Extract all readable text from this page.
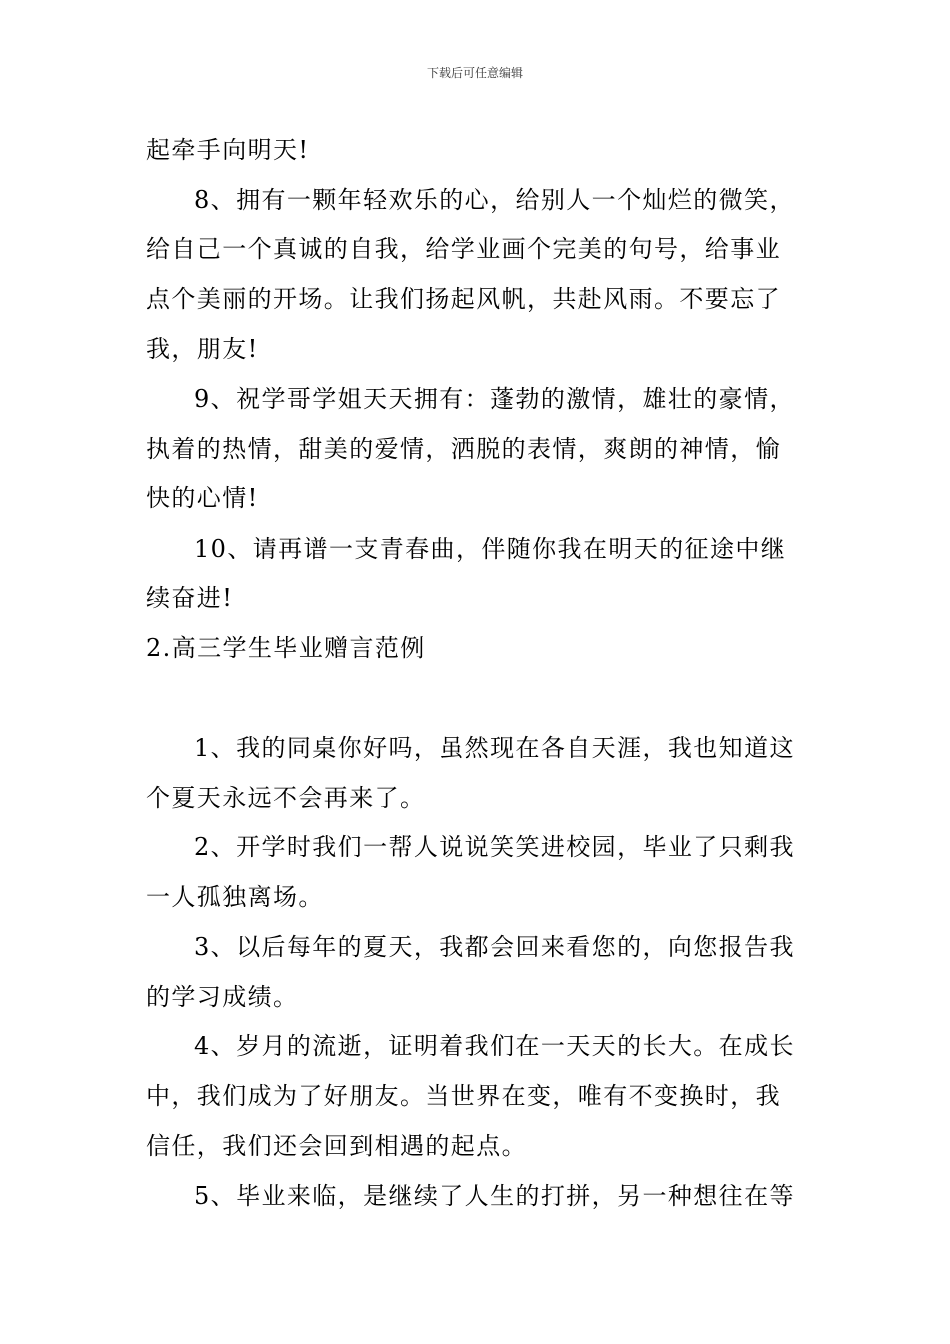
下载后可任意编辑
起牵手向明天!
8、拥有一颗年轻欢乐的心，给别人一个灿烂的微笑，
给自己一个真诚的自我，给学业画个完美的句号，给事业
点个美丽的开场。让我们扬起风帆，共赴风雨。不要忘了
我，朋友!
9、祝学哥学姐天天拥有：蓬勃的激情，雄壮的豪情，
执着的热情，甜美的爱情，洒脱的表情，爽朗的神情，愉
快的心情!
10、请再谱一支青春曲，伴随你我在明天的征途中继
续奋进!
2.高三学生毕业赠言范例
1、我的同桌你好吗，虽然现在各自天涯，我也知道这
个夏天永远不会再来了。
2、开学时我们一帮人说说笑笑进校园，毕业了只剩我
一人孤独离场。
3、以后每年的夏天，我都会回来看您的，向您报告我
的学习成绩。
4、岁月的流逝，证明着我们在一天天的长大。在成长
中，我们成为了好朋友。当世界在变，唯有不变换时，我
信任，我们还会回到相遇的起点。
5、毕业来临，是继续了人生的打拼，另一种想往在等
